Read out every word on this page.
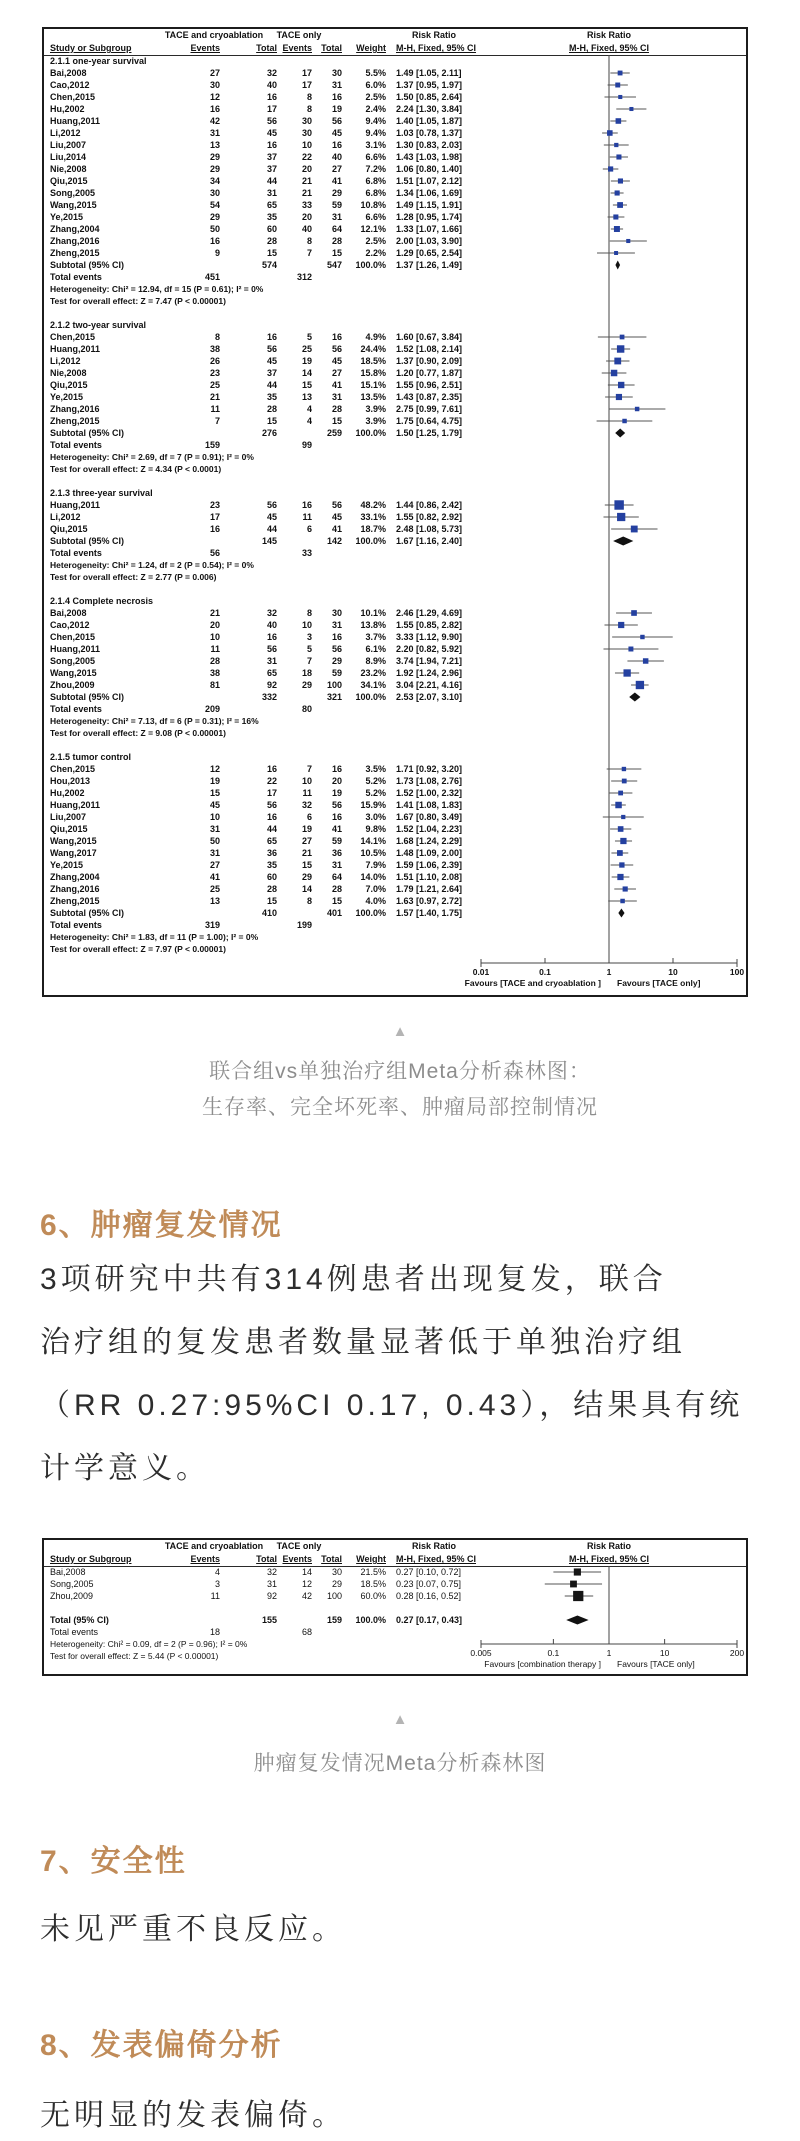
TACE and cryoablation TACE only	Risk Ratio	Risk Ratio
Study or Subgroup	Events	Total Events	Total	Weight M-H, Fixed, 95% CI	M-H, Fixed, 95% CI
2.1.1 one-year survival
Bai,2008	27	32	17	30	5.5% 1.49 [1.05, 2.11]
Cao,2012	30	40	17	31	6.0% 1.37 [0.95, 1.97]
Chen,2015	12	16	8	16	2.5% 1.50 [0.85, 2.64]
Hu,2002	16	17	8	19	2.4% 2.24 [1.30, 3.84]
Huang,2011	42	56	30	56	9.4% 1.40 [1.05, 1.87]
Li,2012	31	45	30	45	9.4% 1.03 [0.78, 1.37]
Liu,2007	13	16	10	16	3.1% 1.30 [0.83, 2.03]
Liu,2014	29	37	22	40	6.6% 1.43 [1.03, 1.98]
Nie,2008	29	37	20	27	7.2% 1.06 [0.80, 1.40]
Qiu,2015	34	44	21	41	6.8% 1.51 [1.07, 2.12]
Song,2005	30	31	21	29	6.8% 1.34 [1.06, 1.69]
Wang,2015	54	65	33	59	10.8% 1.49 [1.15, 1.91]
Ye,2015	29	35	20	31	6.6% 1.28 [0.95, 1.74]
Zhang,2004	50	60	40	64	12.1% 1.33 [1.07, 1.66]
Zhang,2016	16	28	8	28	2.5% 2.00 [1.03, 3.90]
Zheng,2015	9	15	7	15	2.2% 1.29 [0.65, 2.54]
Subtotal (95% CI)	574	547	100.0% 1.37 [1.26, 1.49]
Total events	451	312
Heterogeneity: Chi² = 12.94, df = 15 (P = 0.61); I² = 0%
Test for overall effect: Z = 7.47 (P < 0.00001)
2.1.2 two-year survival
Chen,2015	8	16	5	16	4.9% 1.60 [0.67, 3.84]
Huang,2011	38	56	25	56	24.4% 1.52 [1.08, 2.14]
Li,2012	26	45	19	45	18.5% 1.37 [0.90, 2.09]
Nie,2008	23	37	14	27	15.8% 1.20 [0.77, 1.87]
Qiu,2015	25	44	15	41	15.1% 1.55 [0.96, 2.51]
Ye,2015	21	35	13	31	13.5% 1.43 [0.87, 2.35]
Zhang,2016	11	28	4	28	3.9% 2.75 [0.99, 7.61]
Zheng,2015	7	15	4	15	3.9% 1.75 [0.64, 4.75]
Subtotal (95% CI)	276	259	100.0% 1.50 [1.25, 1.79]
Total events	159	99
Heterogeneity: Chi² = 2.69, df = 7 (P = 0.91); I² = 0%
Test for overall effect: Z = 4.34 (P < 0.0001)
2.1.3 three-year survival
Huang,2011	23	56	16	56	48.2% 1.44 [0.86, 2.42]
Li,2012	17	45	11	45	33.1% 1.55 [0.82, 2.92]
Qiu,2015	16	44	6	41	18.7% 2.48 [1.08, 5.73]
Subtotal (95% CI)	145	142	100.0% 1.67 [1.16, 2.40]
Total events	56	33
Heterogeneity: Chi² = 1.24, df = 2 (P = 0.54); I² = 0%
Test for overall effect: Z = 2.77 (P = 0.006)
2.1.4 Complete necrosis
Bai,2008	21	32	8	30	10.1% 2.46 [1.29, 4.69]
Cao,2012	20	40	10	31	13.8% 1.55 [0.85, 2.82]
Chen,2015	10	16	3	16	3.7% 3.33 [1.12, 9.90]
Huang,2011	11	56	5	56	6.1% 2.20 [0.82, 5.92]
Song,2005	28	31	7	29	8.9% 3.74 [1.94, 7.21]
Wang,2015	38	65	18	59	23.2% 1.92 [1.24, 2.96]
Zhou,2009	81	92	29	100	34.1% 3.04 [2.21, 4.16]
Subtotal (95% CI)	332	321	100.0% 2.53 [2.07, 3.10]
Total events	209	80
Heterogeneity: Chi² = 7.13, df = 6 (P = 0.31); I² = 16%
Test for overall effect: Z = 9.08 (P < 0.00001)
2.1.5 tumor control
Chen,2015	12	16	7	16	3.5% 1.71 [0.92, 3.20]
Hou,2013	19	22	10	20	5.2% 1.73 [1.08, 2.76]
Hu,2002	15	17	11	19	5.2% 1.52 [1.00, 2.32]
Huang,2011	45	56	32	56	15.9% 1.41 [1.08, 1.83]
Liu,2007	10	16	6	16	3.0% 1.67 [0.80, 3.49]
Qiu,2015	31	44	19	41	9.8% 1.52 [1.04, 2.23]
Wang,2015	50	65	27	59	14.1% 1.68 [1.24, 2.29]
Wang,2017	31	36	21	36	10.5% 1.48 [1.09, 2.00]
Ye,2015	27	35	15	31	7.9% 1.59 [1.06, 2.39]
Zhang,2004	41	60	29	64	14.0% 1.51 [1.10, 2.08]
Zhang,2016	25	28	14	28	7.0% 1.79 [1.21, 2.64]
Zheng,2015	13	15	8	15	4.0% 1.63 [0.97, 2.72]
Subtotal (95% CI)	410	401	100.0% 1.57 [1.40, 1.75]
Total events	319	199
Heterogeneity: Chi² = 1.83, df = 11 (P = 1.00); I² = 0%
Test for overall effect: Z = 7.97 (P < 0.00001)
0.01	0.1	1	10	100
Favours [TACE and cryoablation ] Favours [TACE only]
▲
联合组vs单独治疗组Meta分析森林图：
生存率、完全坏死率、肿瘤局部控制情况
6、肿瘤复发情况
3项研究中共有314例患者出现复发，联合
治疗组的复发患者数量显著低于单独治疗组
（RR 0.27:95%CI 0.17, 0.43），结果具有统
计学意义。
TACE and cryoablation TACE only	Risk Ratio	Risk Ratio
Study or Subgroup	Events	Total Events	Total	Weight M-H, Fixed, 95% CI	M-H, Fixed, 95% CI
Bai,2008	4	32	14	30	21.5% 0.27 [0.10, 0.72]
Song,2005	3	31	12	29	18.5% 0.23 [0.07, 0.75]
Zhou,2009	11	92	42	100	60.0% 0.28 [0.16, 0.52]
Total (95% CI)	155	159	100.0% 0.27 [0.17, 0.43]
Total events	18	68
Heterogeneity: Chi² = 0.09, df = 2 (P = 0.96); I² = 0%
Test for overall effect: Z = 5.44 (P < 0.00001)	0.005	0.1	1	10	200
Favours [combination therapy ] Favours [TACE only]
▲
肿瘤复发情况Meta分析森林图
7、安全性
未见严重不良反应。
8、发表偏倚分析
无明显的发表偏倚。
